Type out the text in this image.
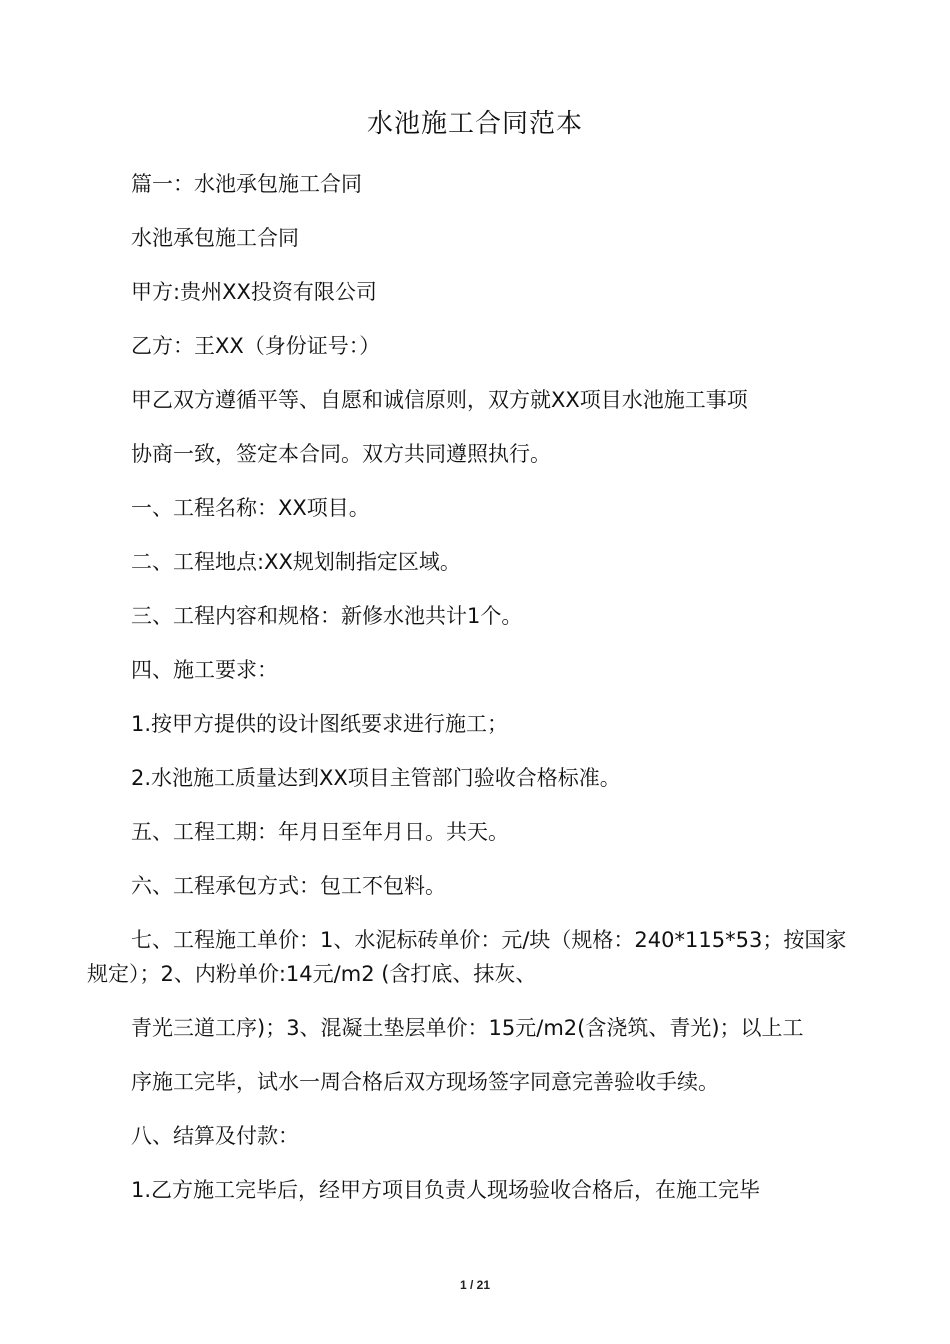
水池施工合同范本

篇一：水池承包施工合同

水池承包施工合同

甲方:贵州XX投资有限公司

乙方：王XX（身份证号：）

甲乙双方遵循平等、自愿和诚信原则，双方就XX项目水池施工事项

协商一致，签定本合同。双方共同遵照执行。

一、工程名称：XX项目。

二、工程地点:XX规划制指定区域。

三、工程内容和规格：新修水池共计1个。

四、施工要求：

1.按甲方提供的设计图纸要求进行施工；

2.水池施工质量达到XX项目主管部门验收合格标准。

五、工程工期：年月日至年月日。共天。

六、工程承包方式：包工不包料。

七、工程施工单价：1、水泥标砖单价：元/块（规格：240*115*53；按国家规定）；2、内粉单价:14元/m2 (含打底、抹灰、

青光三道工序)；3、混凝土垫层单价：15元/m2(含浇筑、青光)；以上工

序施工完毕，试水一周合格后双方现场签字同意完善验收手续。

八、结算及付款：

1.乙方施工完毕后，经甲方项目负责人现场验收合格后，在施工完毕

1 / 21
